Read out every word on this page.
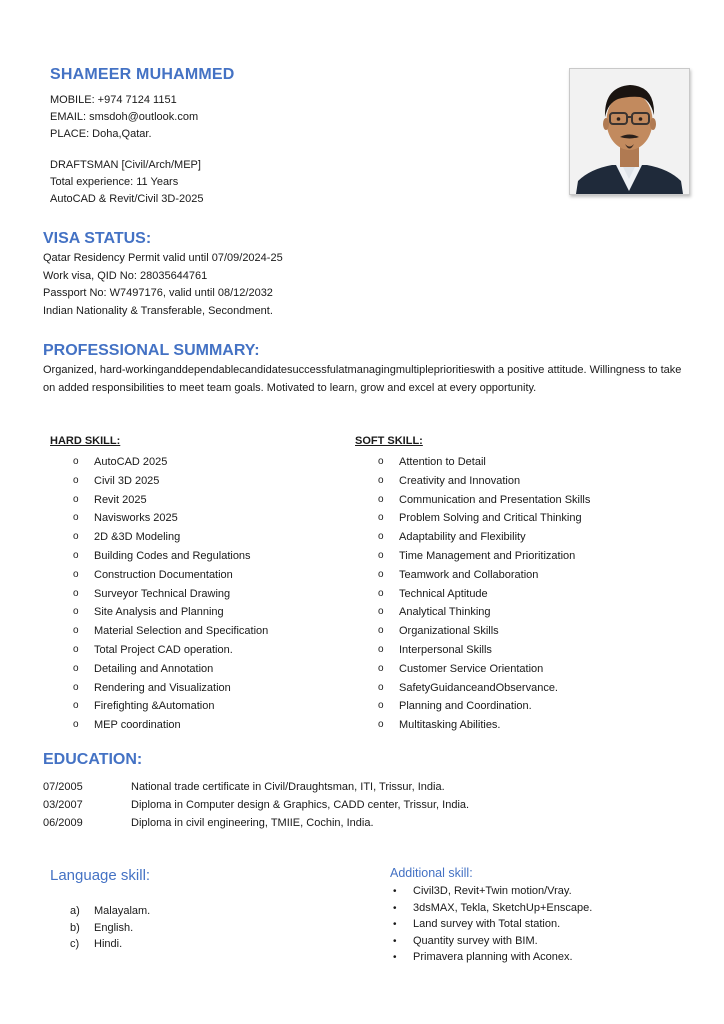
SHAMEER MUHAMMED
MOBILE: +974 7124 1151
EMAIL: smsdoh@outlook.com
PLACE: Doha,Qatar.
DRAFTSMAN [Civil/Arch/MEP]
Total experience: 11 Years
AutoCAD & Revit/Civil 3D-2025
VISA STATUS:
Qatar Residency Permit valid until 07/09/2024-25
Work visa, QID No: 28035644761
Passport No: W7497176, valid until 08/12/2032
Indian Nationality & Transferable, Secondment.
PROFESSIONAL SUMMARY:
Organized, hard-workinganddependablecandidatesuccessfulatmanagingmultipleprioritieswith a positive attitude. Willingness to take on added responsibilities to meet team goals. Motivated to learn, grow and excel at every opportunity.
HARD SKILL:
o AutoCAD 2025
o Civil 3D 2025
o Revit 2025
o Navisworks 2025
o 2D &3D Modeling
o Building Codes and Regulations
o Construction Documentation
o Surveyor Technical Drawing
o Site Analysis and Planning
o Material Selection and Specification
o Total Project CAD operation.
o Detailing and Annotation
o Rendering and Visualization
o Firefighting &Automation
o MEP coordination
SOFT SKILL:
o Attention to Detail
o Creativity and Innovation
o Communication and Presentation Skills
o Problem Solving and Critical Thinking
o Adaptability and Flexibility
o Time Management and Prioritization
o Teamwork and Collaboration
o Technical Aptitude
o Analytical Thinking
o Organizational Skills
o Interpersonal Skills
o Customer Service Orientation
o SafetyGuidanceandObservance.
o Planning and Coordination.
o Multitasking Abilities.
EDUCATION:
07/2005	National trade certificate in Civil/Draughtsman, ITI, Trissur, India.
03/2007	Diploma in Computer design & Graphics, CADD center, Trissur, India.
06/2009	Diploma in civil engineering, TMIIE, Cochin, India.
Language skill:
a) Malayalam.
b) English.
c) Hindi.
Additional skill:
• Civil3D, Revit+Twin motion/Vray.
• 3dsMAX, Tekla, SketchUp+Enscape.
• Land survey with Total station.
• Quantity survey with BIM.
• Primavera planning with Aconex.
